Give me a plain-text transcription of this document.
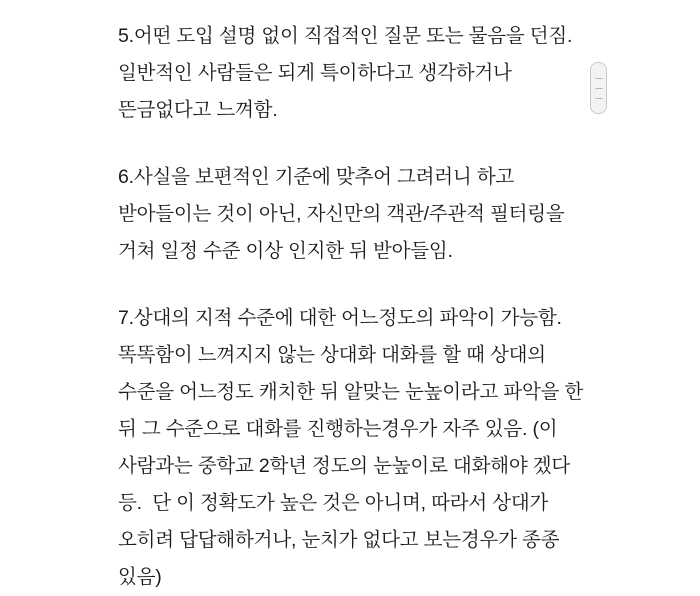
5.어떤 도입 설명 없이 직접적인 질문 또는 물음을 던짐. 일반적인 사람들은 되게 특이하다고 생각하거나 뜬금없다고 느껴함.

6.사실을 보편적인 기준에 맞추어 그려러니 하고 받아들이는 것이 아닌, 자신만의 객관/주관적 필터링을 거쳐 일정 수준 이상 인지한 뒤 받아들임.

7.상대의 지적 수준에 대한 어느정도의 파악이 가능함. 똑똑함이 느껴지지 않는 상대화 대화를 할 때 상대의 수준을 어느정도 캐치한 뒤 알맞는 눈높이라고 파악을 한 뒤 그 수준으로 대화를 진행하는경우가 자주 있음. (이 사람과는 중학교 2학년 정도의 눈높이로 대화해야 겠다 등.  단 이 정확도가 높은 것은 아니며, 따라서 상대가 오히려 답답해하거나, 눈치가 없다고 보는경우가 종종 있음)
